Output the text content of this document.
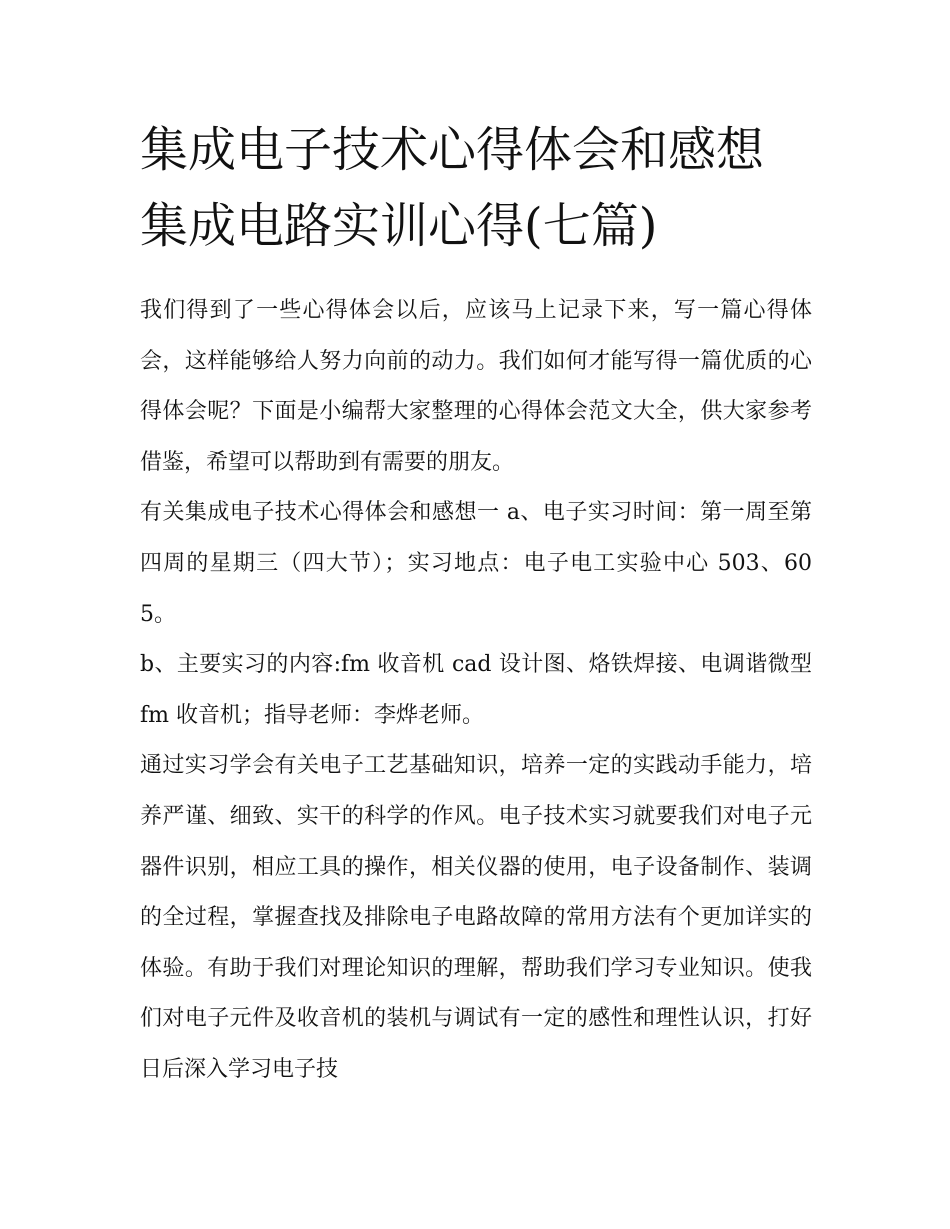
集成电子技术心得体会和感想
集成电路实训心得(七篇)

我们得到了一些心得体会以后，应该马上记录下来，写一篇心得体会，这样能够给人努力向前的动力。我们如何才能写得一篇优质的心得体会呢？下面是小编帮大家整理的心得体会范文大全，供大家参考借鉴，希望可以帮助到有需要的朋友。

有关集成电子技术心得体会和感想一 a、电子实习时间：第一周至第四周的星期三（四大节）；实习地点：电子电工实验中心 503、605。

b、主要实习的内容:fm 收音机 cad 设计图、烙铁焊接、电调谐微型 fm 收音机；指导老师：李烨老师。

通过实习学会有关电子工艺基础知识，培养一定的实践动手能力，培养严谨、细致、实干的科学的作风。电子技术实习就要我们对电子元器件识别，相应工具的操作，相关仪器的使用，电子设备制作、装调的全过程，掌握查找及排除电子电路故障的常用方法有个更加详实的体验。有助于我们对理论知识的理解，帮助我们学习专业知识。使我们对电子元件及收音机的装机与调试有一定的感性和理性认识，打好日后深入学习电子技
